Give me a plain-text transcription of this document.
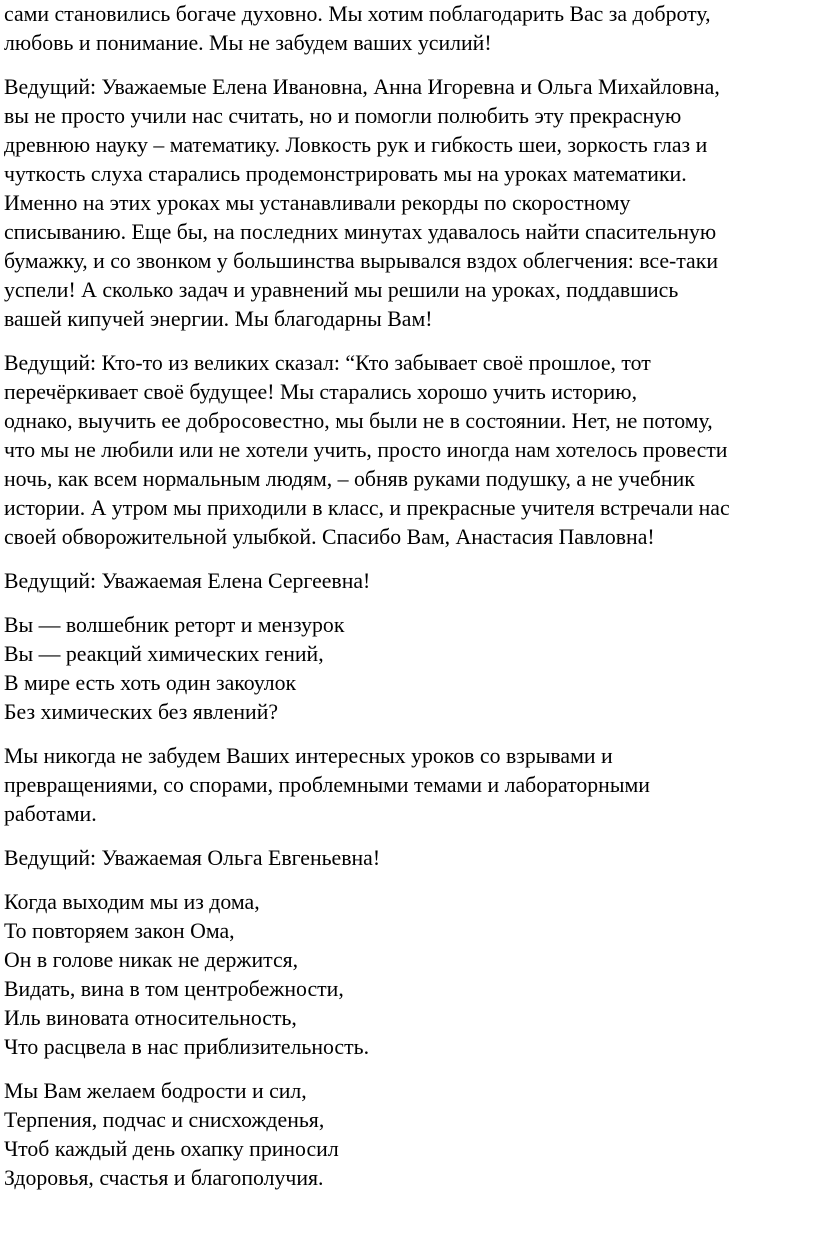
сами становились богаче духовно. Мы хотим поблагодарить Вас за доброту,
любовь и понимание. Мы не забудем ваших усилий!
Ведущий: Уважаемые Елена Ивановна, Анна Игоревна и Ольга Михайловна,
вы не просто учили нас считать, но и помогли полюбить эту прекрасную
древнюю науку – математику. Ловкость рук и гибкость шеи, зоркость глаз и
чуткость слуха старались продемонстрировать мы на уроках математики.
Именно на этих уроках мы устанавливали рекорды по скоростному
списыванию. Еще бы, на последних минутах удавалось найти спасительную
бумажку, и со звонком у большинства вырывался вздох облегчения: все-таки
успели! А сколько задач и уравнений мы решили на уроках, поддавшись
вашей кипучей энергии. Мы благодарны Вам!
Ведущий: Кто-то из великих сказал: “Кто забывает своё прошлое, тот
перечёркивает своё будущее! Мы старались хорошо учить историю,
однако, выучить ее добросовестно, мы были не в состоянии. Нет, не потому,
что мы не любили или не хотели учить, просто иногда нам хотелось провести
ночь, как всем нормальным людям, – обняв руками подушку, а не учебник
истории. А утром мы приходили в класс, и прекрасные учителя встречали нас
своей обворожительной улыбкой. Спасибо Вам, Анастасия Павловна!
Ведущий: Уважаемая Елена Сергеевна!
Вы — волшебник реторт и мензурок
Вы — реакций химических гений,
В мире есть хоть один закоулок
Без химических без явлений?
Мы никогда не забудем Ваших интересных уроков со взрывами и
превращениями, со спорами, проблемными темами и лабораторными
работами.
Ведущий: Уважаемая Ольга Евгеньевна!
Когда выходим мы из дома,
То повторяем закон Ома,
Он в голове никак не держится,
Видать, вина в том центробежности,
Иль виновата относительность,
Что расцвела в нас приблизительность.
Мы Вам желаем бодрости и сил,
Терпения, подчас и снисхожденья,
Чтоб каждый день охапку приносил
Здоровья, счастья и благополучия.
